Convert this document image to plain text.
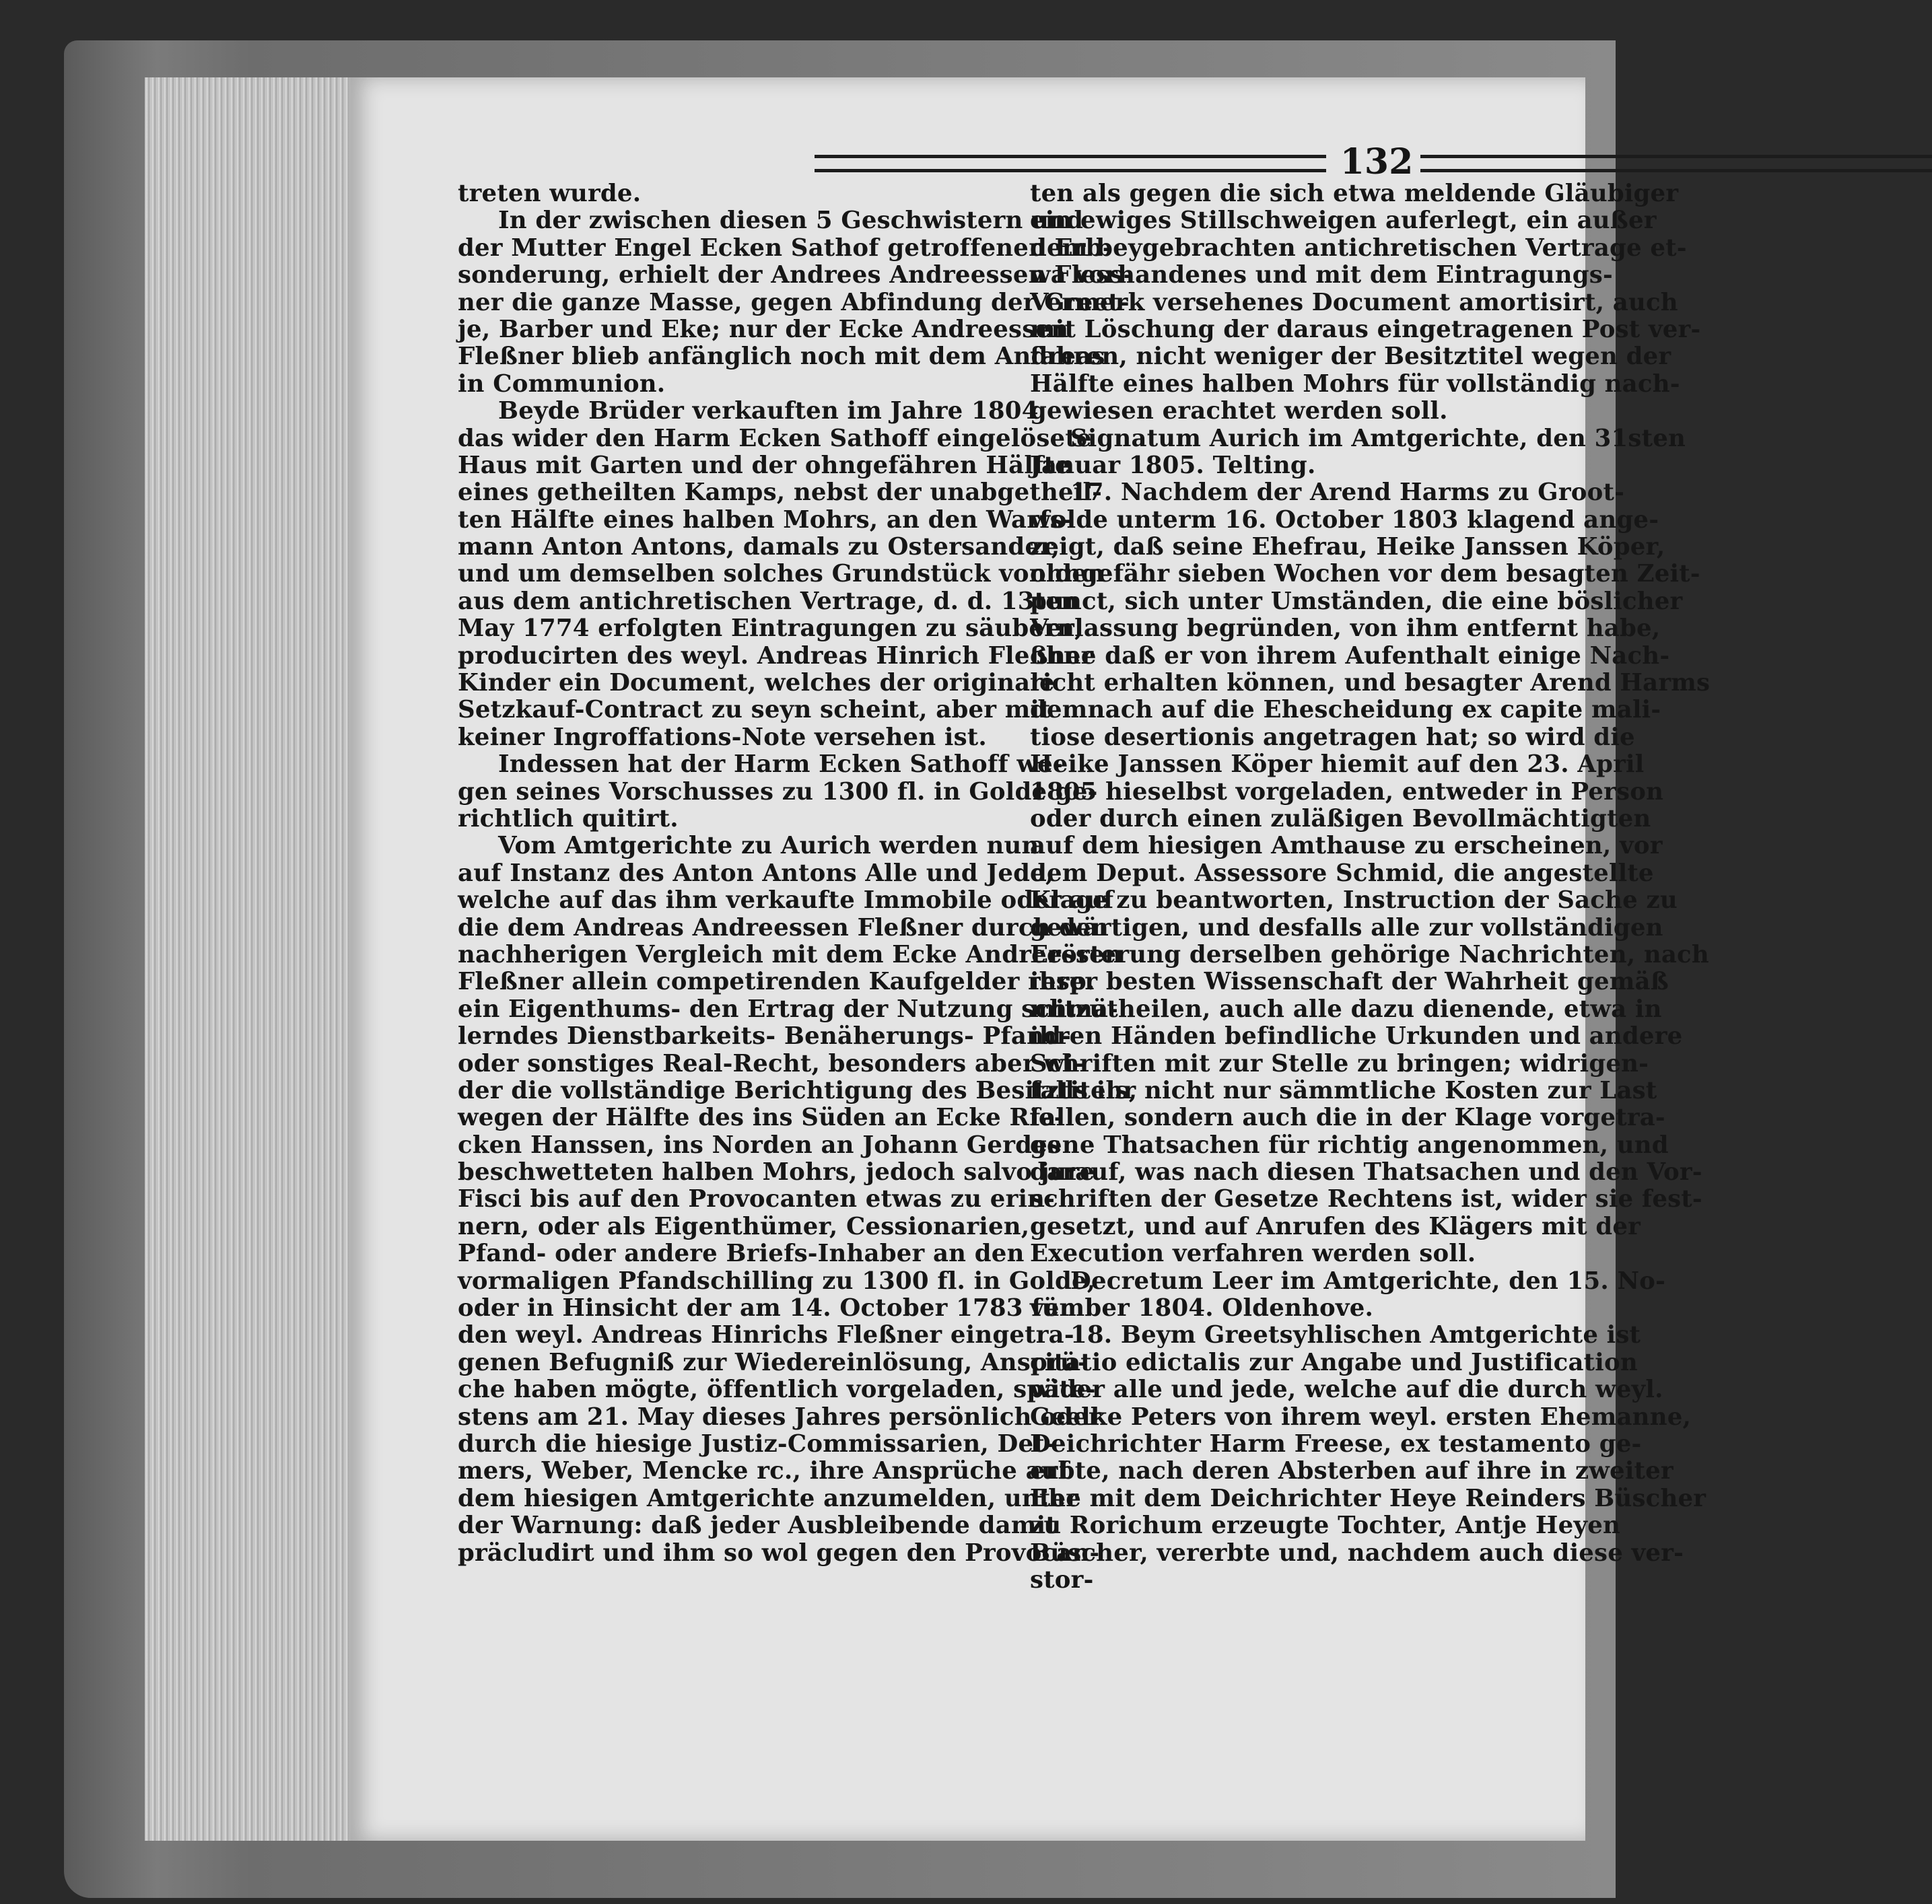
132
treten wurde.
In der zwischen diesen 5 Geschwistern und
der Mutter Engel Ecken Sathof getroffenen Erb-
sonderung, erhielt der Andrees Andreessen Fless-
ner die ganze Masse, gegen Abfindung der Greet-
je, Barber und Eke; nur der Ecke Andreessen
Fleßner blieb anfänglich noch mit dem Andreas
in Communion.
Beyde Brüder verkauften im Jahre 1804
das wider den Harm Ecken Sathoff eingelösete
Haus mit Garten und der ohngefähren Hälfte
eines getheilten Kamps, nebst der unabgetheil-
ten Hälfte eines halben Mohrs, an den Warfs-
mann Anton Antons, damals zu Ostersander,
und um demselben solches Grundstück von den
aus dem antichretischen Vertrage, d. d. 13ten
May 1774 erfolgten Eintragungen zu säubern,
producirten des weyl. Andreas Hinrich Fleßner
Kinder ein Document, welches der originale
Setzkauf-Contract zu seyn scheint, aber mit
keiner Ingroffations-Note versehen ist.
Indessen hat der Harm Ecken Sathoff we-
gen seines Vorschusses zu 1300 fl. in Golde ge-
richtlich quitirt.
Vom Amtgerichte zu Aurich werden nun
auf Instanz des Anton Antons Alle und Jede,
welche auf das ihm verkaufte Immobile oder auf
die dem Andreas Andreessen Fleßner durch den
nachherigen Vergleich mit dem Ecke Andreessen
Fleßner allein competirenden Kaufgelder resp.
ein Eigenthums- den Ertrag der Nutzung schmä-
lerndes Dienstbarkeits- Benäherungs- Pfand-
oder sonstiges Real-Recht, besonders aber wi-
der die vollständige Berichtigung des Besitztitels,
wegen der Hälfte des ins Süden an Ecke Rie-
cken Hanssen, ins Norden an Johann Gerdes
beschwetteten halben Mohrs, jedoch salvo jure
Fisci bis auf den Provocanten etwas zu erin-
nern, oder als Eigenthümer, Cessionarien,
Pfand- oder andere Briefs-Inhaber an den
vormaligen Pfandschilling zu 1300 fl. in Golde,
oder in Hinsicht der am 14. October 1783 für
den weyl. Andreas Hinrichs Fleßner eingetra-
genen Befugniß zur Wiedereinlösung, Ansprü-
che haben mögte, öffentlich vorgeladen, späte-
stens am 21. May dieses Jahres persönlich oder
durch die hiesige Justiz-Commissarien, Det-
mers, Weber, Mencke rc., ihre Ansprüche auf
dem hiesigen Amtgerichte anzumelden, unter
der Warnung: daß jeder Ausbleibende damit
präcludirt und ihm so wol gegen den Provocan-
ten als gegen die sich etwa meldende Gläubiger
ein ewiges Stillschweigen auferlegt, ein außer
dem beygebrachten antichretischen Vertrage et-
wa vorhandenes und mit dem Eintragungs-
Vermerk versehenes Document amortisirt, auch
mit Löschung der daraus eingetragenen Post ver-
fahren, nicht weniger der Besitztitel wegen der
Hälfte eines halben Mohrs für vollständig nach-
gewiesen erachtet werden soll.
Signatum Aurich im Amtgerichte, den 31sten
Januar 1805. Telting.
17. Nachdem der Arend Harms zu Groot-
wolde unterm 16. October 1803 klagend ange-
zeigt, daß seine Ehefrau, Heike Janssen Köper,
ohngefähr sieben Wochen vor dem besagten Zeit-
punct, sich unter Umständen, die eine böslicher
Verlassung begründen, von ihm entfernt habe,
ohne daß er von ihrem Aufenthalt einige Nach-
richt erhalten können, und besagter Arend Harms
demnach auf die Ehescheidung ex capite mali-
tiose desertionis angetragen hat; so wird die
Heike Janssen Köper hiemit auf den 23. April
1805 hieselbst vorgeladen, entweder in Person
oder durch einen zuläßigen Bevollmächtigten
auf dem hiesigen Amthause zu erscheinen, vor
dem Deput. Assessore Schmid, die angestellte
Klage zu beantworten, Instruction der Sache zu
gewärtigen, und desfalls alle zur vollständigen
Erörterung derselben gehörige Nachrichten, nach
ihrer besten Wissenschaft der Wahrheit gemäß
mitzutheilen, auch alle dazu dienende, etwa in
ihren Händen befindliche Urkunden und andere
Schriften mit zur Stelle zu bringen; widrigen-
falls ihr nicht nur sämmtliche Kosten zur Last
fallen, sondern auch die in der Klage vorgetra-
gene Thatsachen für richtig angenommen, und
darauf, was nach diesen Thatsachen und den Vor-
schriften der Gesetze Rechtens ist, wider sie fest-
gesetzt, und auf Anrufen des Klägers mit der
Execution verfahren werden soll.
Decretum Leer im Amtgerichte, den 15. No-
vember 1804. Oldenhove.
18. Beym Greetsyhlischen Amtgerichte ist
citatio edictalis zur Angabe und Justification
wider alle und jede, welche auf die durch weyl.
Geelke Peters von ihrem weyl. ersten Ehemanne,
Deichrichter Harm Freese, ex testamento ge-
erbte, nach deren Absterben auf ihre in zweiter
Ehe mit dem Deichrichter Heye Reinders Büscher
zu Rorichum erzeugte Tochter, Antje Heyen
Büscher, vererbte und, nachdem auch diese ver-
stor-
